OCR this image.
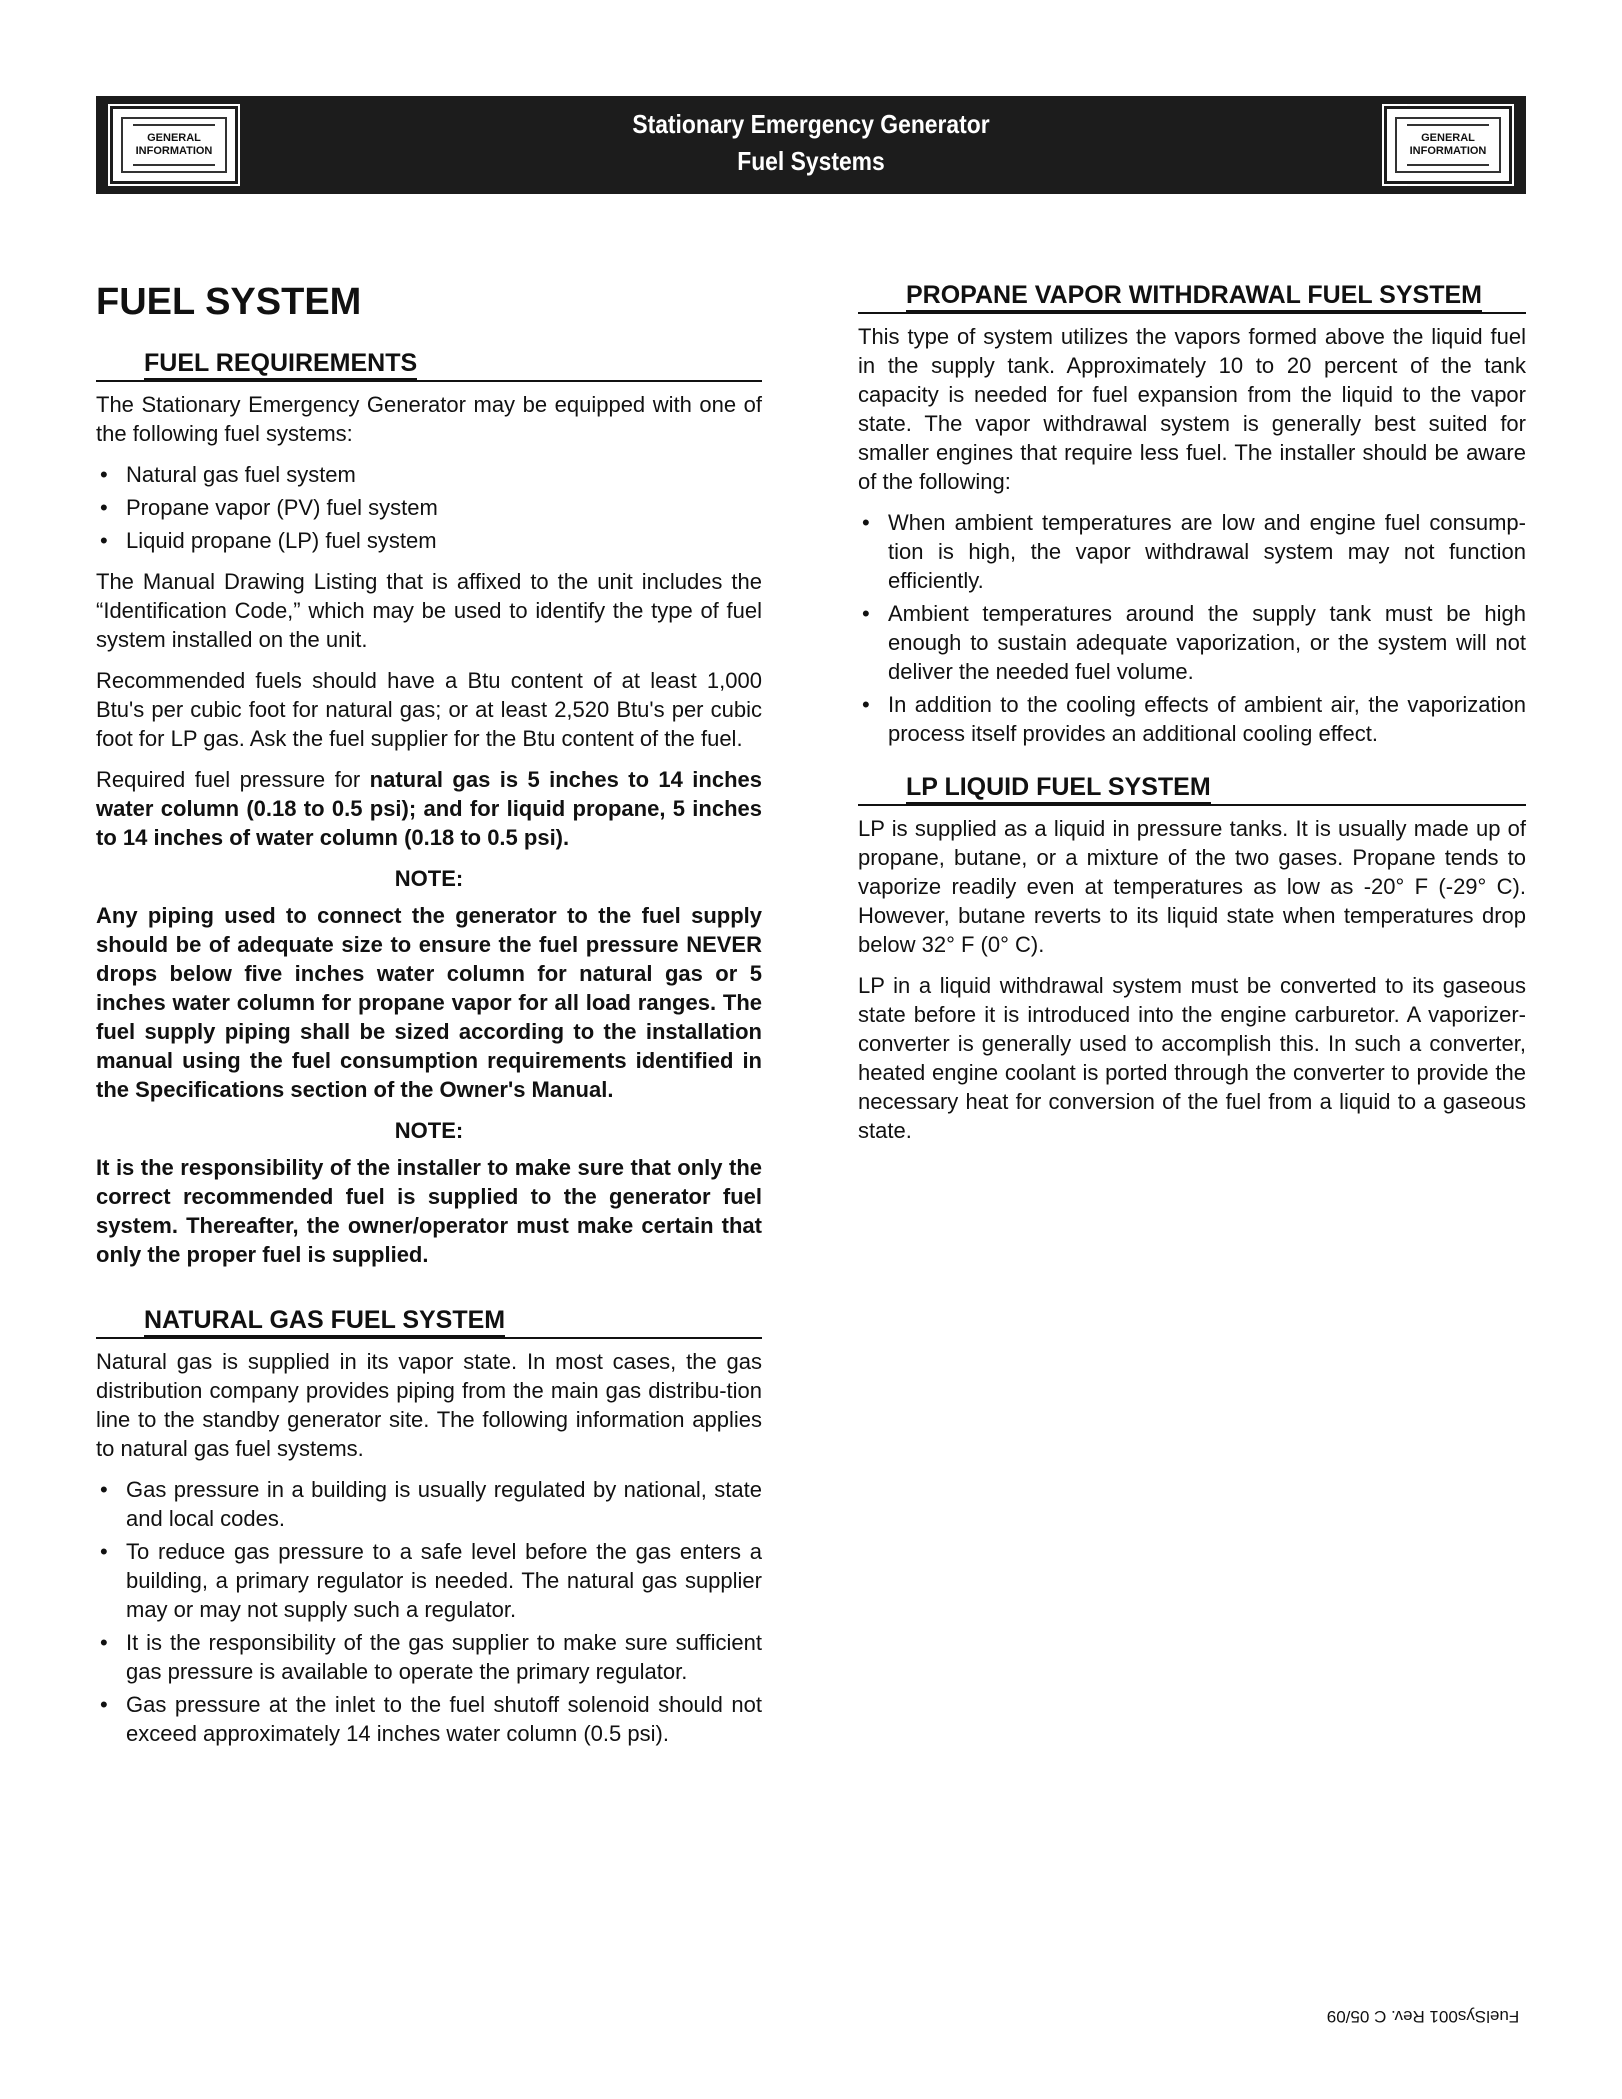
GENERAL
INFORMATION
Stationary Emergency Generator
Fuel Systems
GENERAL
INFORMATION
FUEL SYSTEM
FUEL REQUIREMENTS

The Stationary Emergency Generator may be equipped with one of the following fuel systems:

• Natural gas fuel system
• Propane vapor (PV) fuel system
• Liquid propane (LP) fuel system

The Manual Drawing Listing that is affixed to the unit includes the “Identification Code,” which may be used to identify the type of fuel system installed on the unit.

Recommended fuels should have a Btu content of at least 1,000 Btu's per cubic foot for natural gas; or at least 2,520 Btu's per cubic foot for LP gas. Ask the fuel supplier for the Btu content of the fuel.

Required fuel pressure for natural gas is 5 inches to 14 inches water column (0.18 to 0.5 psi); and for liquid propane, 5 inches to 14 inches of water column (0.18 to 0.5 psi).

NOTE:

Any piping used to connect the generator to the fuel supply should be of adequate size to ensure the fuel pressure NEVER drops below five inches water column for natural gas or 5 inches water column for propane vapor for all load ranges. The fuel supply piping shall be sized according to the installation manual using the fuel consumption requirements identified in the Specifications section of the Owner's Manual.

NOTE:

It is the responsibility of the installer to make sure that only the correct recommended fuel is supplied to the generator fuel system. Thereafter, the owner/operator must make certain that only the proper fuel is supplied.

NATURAL GAS FUEL SYSTEM

Natural gas is supplied in its vapor state. In most cases, the gas distribution company provides piping from the main gas distribu-tion line to the standby generator site. The following information applies to natural gas fuel systems.

• Gas pressure in a building is usually regulated by national, state and local codes.
• To reduce gas pressure to a safe level before the gas enters a building, a primary regulator is needed. The natural gas supplier may or may not supply such a regulator.
• It is the responsibility of the gas supplier to make sure sufficient gas pressure is available to operate the primary regulator.
• Gas pressure at the inlet to the fuel shutoff solenoid should not exceed approximately 14 inches water column (0.5 psi).
PROPANE VAPOR WITHDRAWAL FUEL SYSTEM

This type of system utilizes the vapors formed above the liquid fuel in the supply tank. Approximately 10 to 20 percent of the tank capacity is needed for fuel expansion from the liquid to the vapor state. The vapor withdrawal system is generally best suited for smaller engines that require less fuel. The installer should be aware of the following:

• When ambient temperatures are low and engine fuel consump-tion is high, the vapor withdrawal system may not function efficiently.
• Ambient temperatures around the supply tank must be high enough to sustain adequate vaporization, or the system will not deliver the needed fuel volume.
• In addition to the cooling effects of ambient air, the vaporization process itself provides an additional cooling effect.
LP LIQUID FUEL SYSTEM

LP is supplied as a liquid in pressure tanks. It is usually made up of propane, butane, or a mixture of the two gases. Propane tends to vaporize readily even at temperatures as low as -20° F (-29° C). However, butane reverts to its liquid state when temperatures drop below 32° F (0° C).

LP in a liquid withdrawal system must be converted to its gaseous state before it is introduced into the engine carburetor. A vaporizer-converter is generally used to accomplish this. In such a converter, heated engine coolant is ported through the converter to provide the necessary heat for conversion of the fuel from a liquid to a gaseous state.

FuelSys001 Rev. C 05/09
